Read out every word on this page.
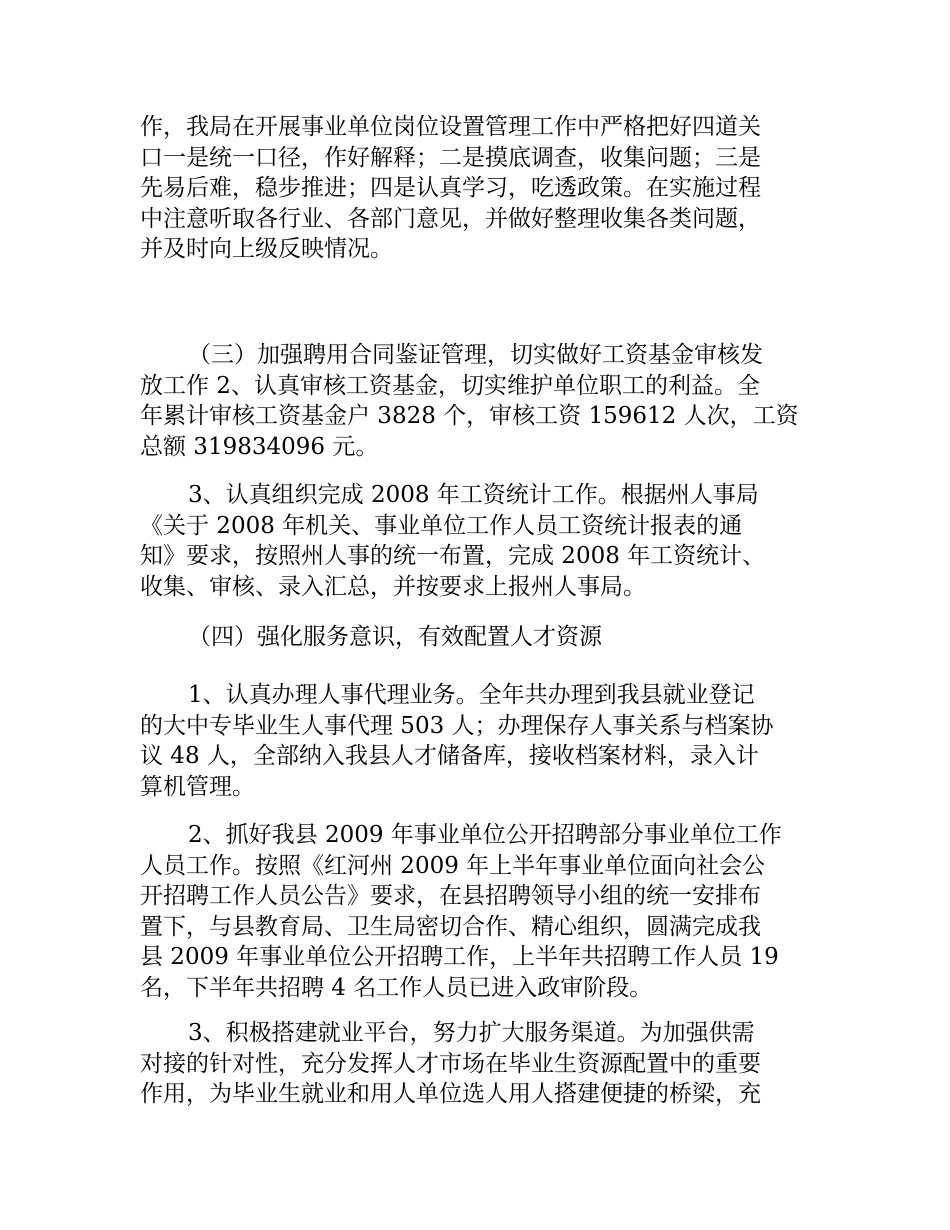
作，我局在开展事业单位岗位设置管理工作中严格把好四道关
口一是统一口径，作好解释；二是摸底调查，收集问题；三是
先易后难，稳步推进；四是认真学习，吃透政策。在实施过程
中注意听取各行业、各部门意见，并做好整理收集各类问题，
并及时向上级反映情况。
（三）加强聘用合同鉴证管理，切实做好工资基金审核发
放工作 2、认真审核工资基金，切实维护单位职工的利益。全
年累计审核工资基金户 3828 个，审核工资 159612 人次，工资
总额 319834096 元。
3、认真组织完成 2008 年工资统计工作。根据州人事局
《关于 2008 年机关、事业单位工作人员工资统计报表的通
知》要求，按照州人事的统一布置，完成 2008 年工资统计、
收集、审核、录入汇总，并按要求上报州人事局。
（四）强化服务意识，有效配置人才资源
1、认真办理人事代理业务。全年共办理到我县就业登记
的大中专毕业生人事代理 503 人；办理保存人事关系与档案协
议 48 人，全部纳入我县人才储备库，接收档案材料，录入计
算机管理。
2、抓好我县 2009 年事业单位公开招聘部分事业单位工作
人员工作。按照《红河州 2009 年上半年事业单位面向社会公
开招聘工作人员公告》要求，在县招聘领导小组的统一安排布
置下，与县教育局、卫生局密切合作、精心组织，圆满完成我
县 2009 年事业单位公开招聘工作，上半年共招聘工作人员 19
名，下半年共招聘 4 名工作人员已进入政审阶段。
3、积极搭建就业平台，努力扩大服务渠道。为加强供需
对接的针对性，充分发挥人才市场在毕业生资源配置中的重要
作用，为毕业生就业和用人单位选人用人搭建便捷的桥梁，充
